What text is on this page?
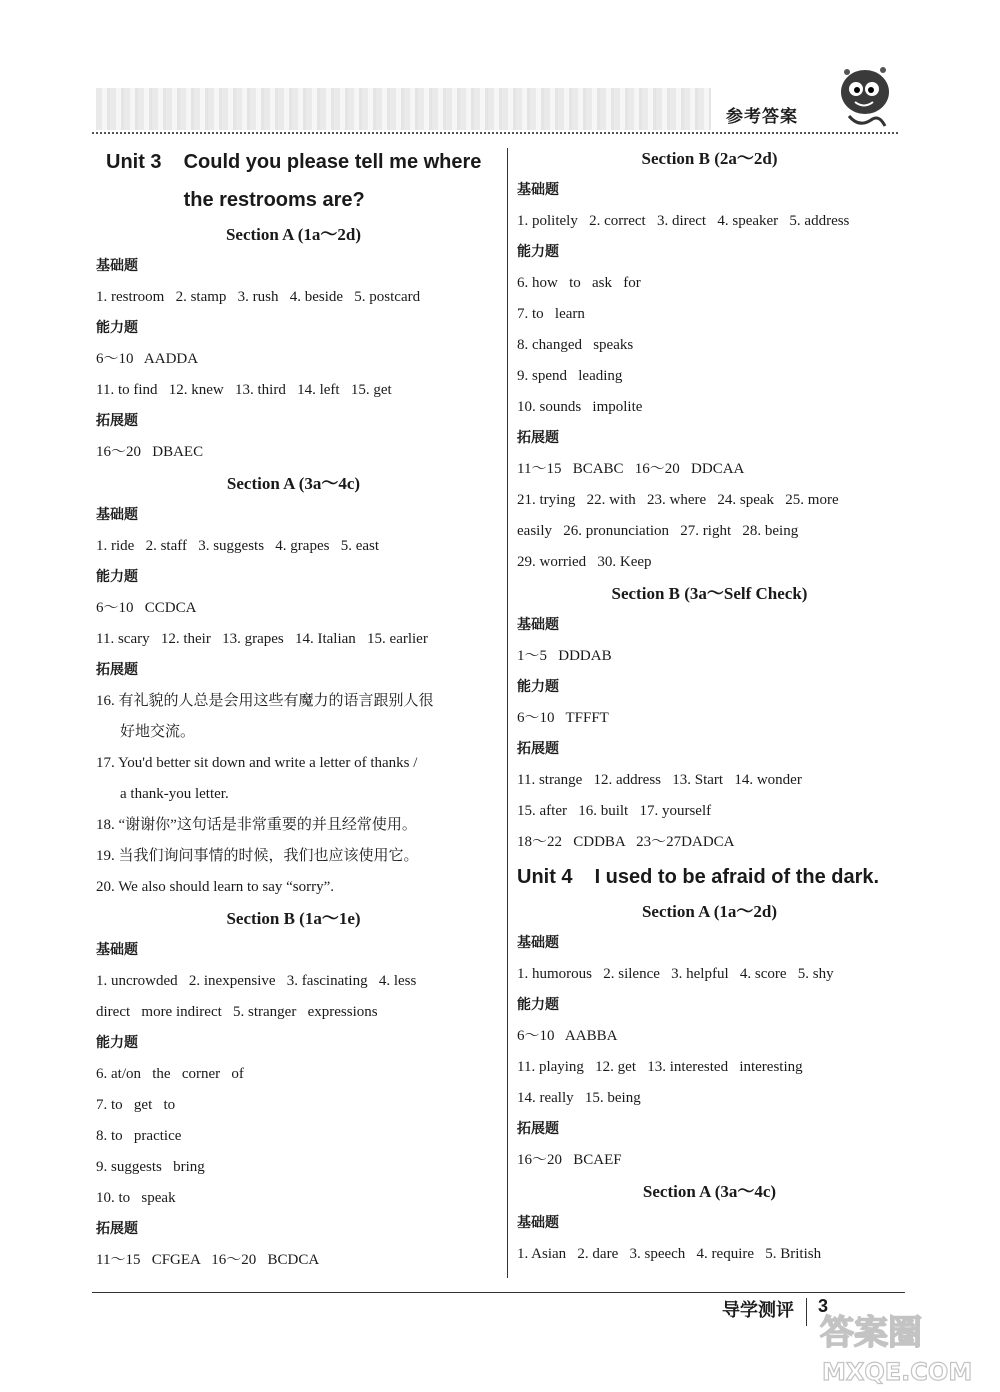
参考答案
Unit 3 Could you please tell me where the restrooms are?
Section A (1a～2d)
基础题
1. restroom   2. stamp   3. rush   4. beside   5. postcard
能力题
6～10   AADDA
11. to find   12. knew   13. third   14. left   15. get
拓展题
16～20   DBAEC
Section A (3a～4c)
基础题
1. ride   2. staff   3. suggests   4. grapes   5. east
能力题
6～10   CCDCA
11. scary   12. their   13. grapes   14. Italian   15. earlier
拓展题
16. 有礼貌的人总是会用这些有魔力的语言跟别人很
好地交流。
17. You'd better sit down and write a letter of thanks /
a thank-you letter.
18. “谢谢你”这句话是非常重要的并且经常使用。
19. 当我们询问事情的时候，我们也应该使用它。
20. We also should learn to say “sorry”.
Section B (1a～1e)
基础题
1. uncrowded   2. inexpensive   3. fascinating   4. less
direct   more indirect   5. stranger   expressions
能力题
6. at/on   the   corner   of
7. to   get   to
8. to   practice
9. suggests   bring
10. to   speak
拓展题
11～15   CFGEA   16～20   BCDCA
Section B (2a～2d)
基础题
1. politely   2. correct   3. direct   4. speaker   5. address
能力题
6. how   to   ask   for
7. to   learn
8. changed   speaks
9. spend   leading
10. sounds   impolite
拓展题
11～15   BCABC   16～20   DDCAA
21. trying   22. with   23. where   24. speak   25. more
easily   26. pronunciation   27. right   28. being
29. worried   30. Keep
Section B (3a～Self Check)
基础题
1～5   DDDAB
能力题
6～10   TFFFT
拓展题
11. strange   12. address   13. Start   14. wonder
15. after   16. built   17. yourself
18～22   CDDBA   23～27DADCA
Unit 4 I used to be afraid of the dark.
Section A (1a～2d)
基础题
1. humorous   2. silence   3. helpful   4. score   5. shy
能力题
6～10   AABBA
11. playing   12. get   13. interested   interesting
14. really   15. being
拓展题
16～20   BCAEF
Section A (3a～4c)
基础题
1. Asian   2. dare   3. speech   4. require   5. British
导学测评 3
答案圈
MXQE.COM
